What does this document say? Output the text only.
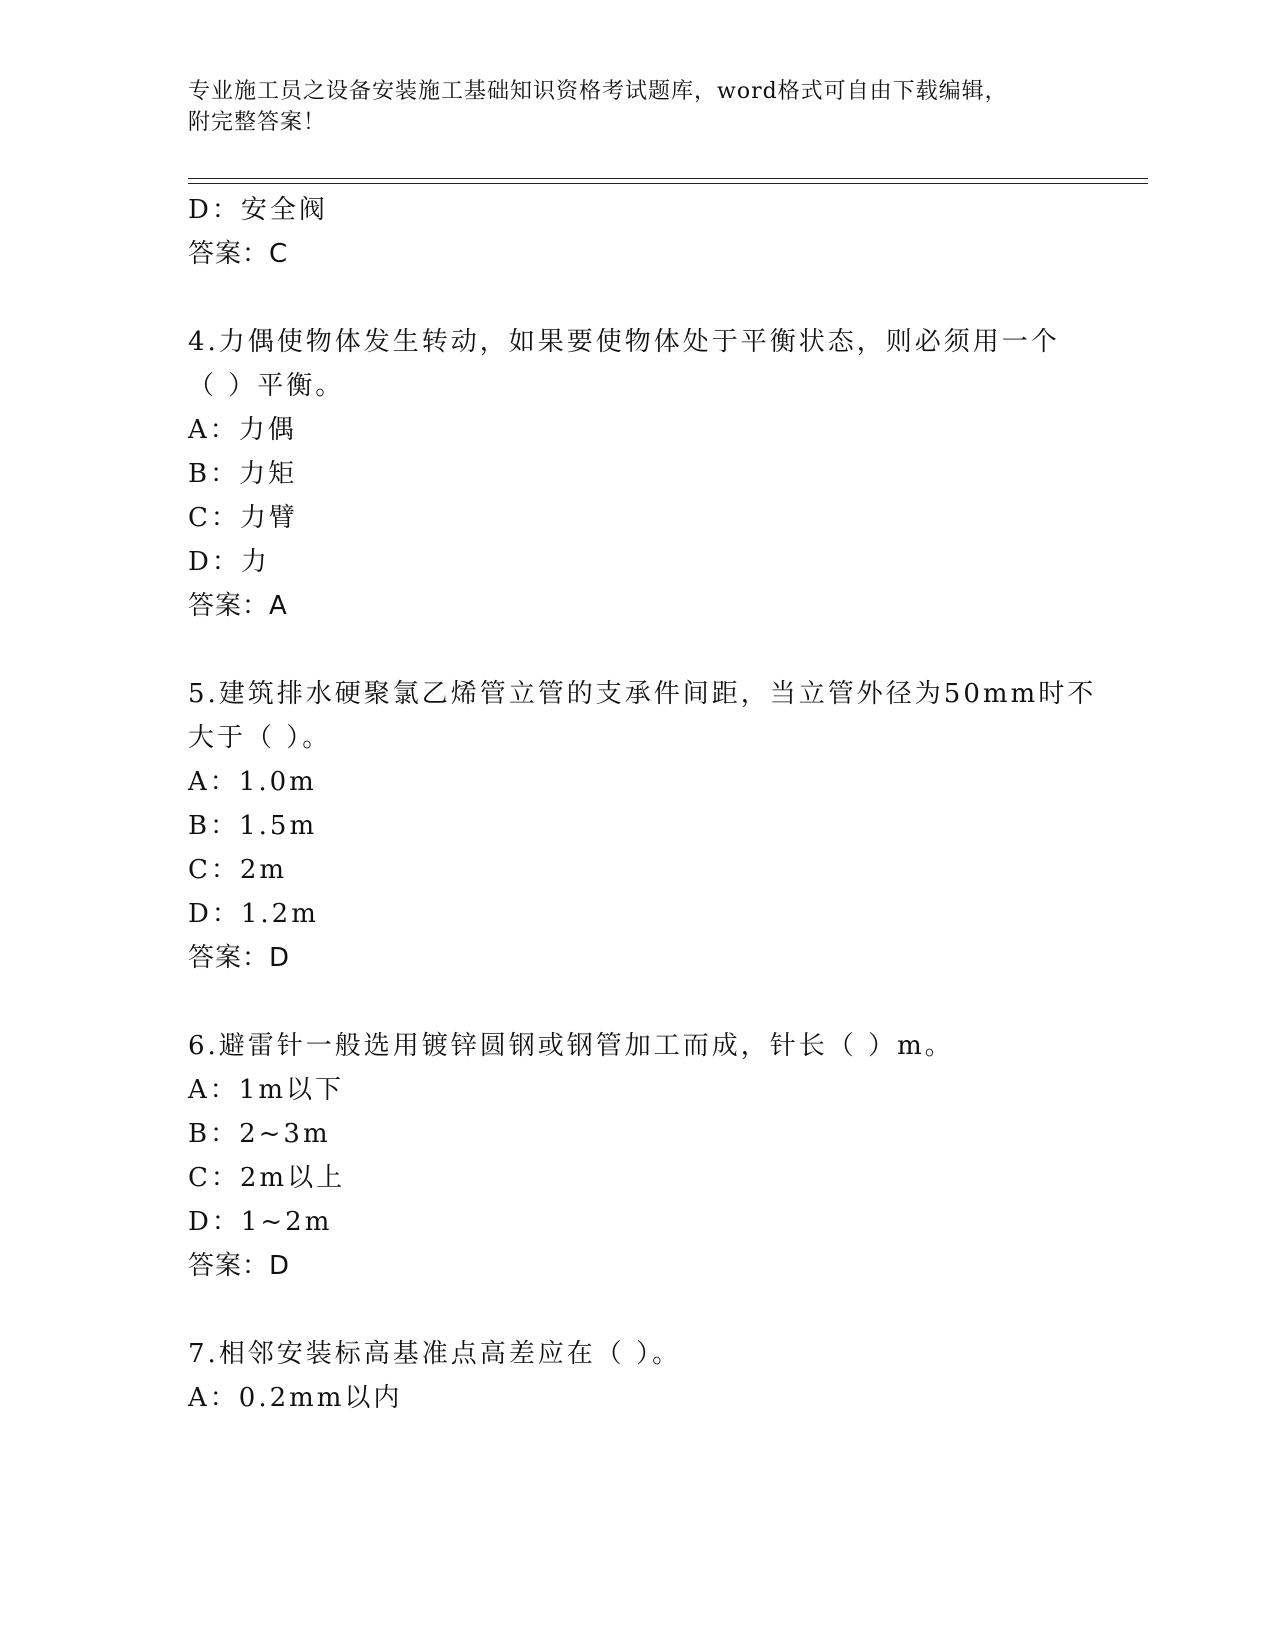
专业施工员之设备安装施工基础知识资格考试题库，word格式可自由下载编辑，
附完整答案！
D：安全阀
答案：C
4.力偶使物体发生转动，如果要使物体处于平衡状态，则必须用一个
（ ）平衡。
A：力偶
B：力矩
C：力臂
D：力
答案：A
5.建筑排水硬聚氯乙烯管立管的支承件间距，当立管外径为50mm时不
大于（ ）。
A：1.0m
B：1.5m
C：2m
D：1.2m
答案：D
6.避雷针一般选用镀锌圆钢或钢管加工而成，针长（ ）m。
A：1m以下
B：2~3m
C：2m以上
D：1~2m
答案：D
7.相邻安装标高基准点高差应在（ ）。
A：0.2mm以内
